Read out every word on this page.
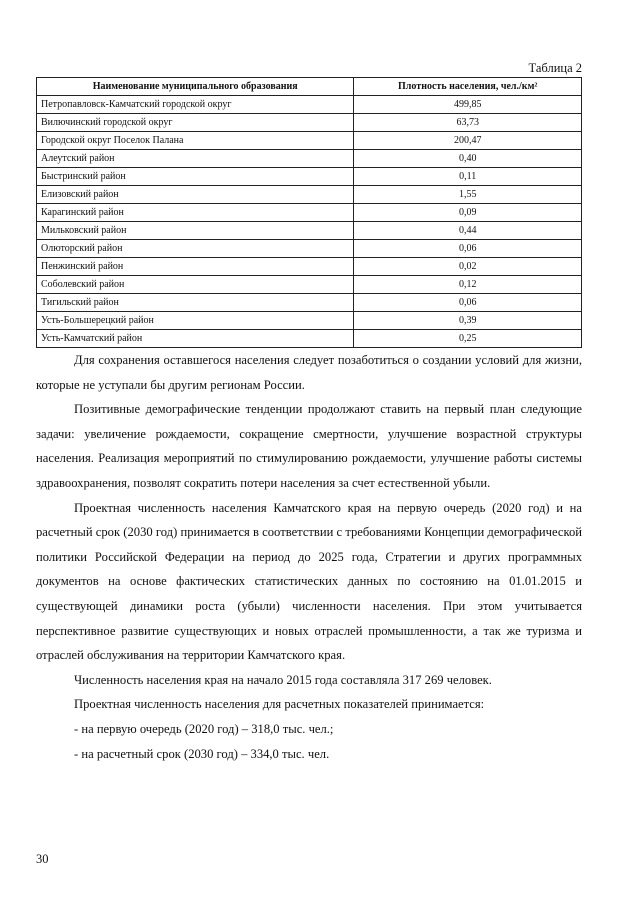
Таблица 2
Наименование муниципального образования	Плотность населения, чел./км²
Петропавловск-Камчатский городской округ	499,85
Вилючинский городской округ	63,73
Городской округ Поселок Палана	200,47
Алеутский район	0,40
Быстринский район	0,11
Елизовский район	1,55
Карагинский район	0,09
Мильковский район	0,44
Олюторский район	0,06
Пенжинский район	0,02
Соболевский район	0,12
Тигильский район	0,06
Усть-Большерецкий район	0,39
Усть-Камчатский район	0,25

Для сохранения оставшегося населения следует позаботиться о создании условий для жизни, которые не уступали бы другим регионам России.

Позитивные демографические тенденции продолжают ставить на первый план следующие задачи: увеличение рождаемости, сокращение смертности, улучшение возрастной структуры населения. Реализация мероприятий по стимулированию рождаемости, улучшение работы системы здравоохранения, позволят сократить потери населения за счет естественной убыли.

Проектная численность населения Камчатского края на первую очередь (2020 год) и на расчетный срок (2030 год) принимается в соответствии с требованиями Концепции демографической политики Российской Федерации на период до 2025 года, Стратегии и других программных документов на основе фактических статистических данных по состоянию на 01.01.2015 и существующей динамики роста (убыли) численности населения. При этом учитывается перспективное развитие существующих и новых отраслей промышленности, а так же туризма и отраслей обслуживания на территории Камчатского края.

Численность населения края на начало 2015 года составляла 317 269 человек.

Проектная численность населения для расчетных показателей принимается:

- на первую очередь (2020 год) – 318,0 тыс. чел.;

- на расчетный срок (2030 год) – 334,0 тыс. чел.

30
